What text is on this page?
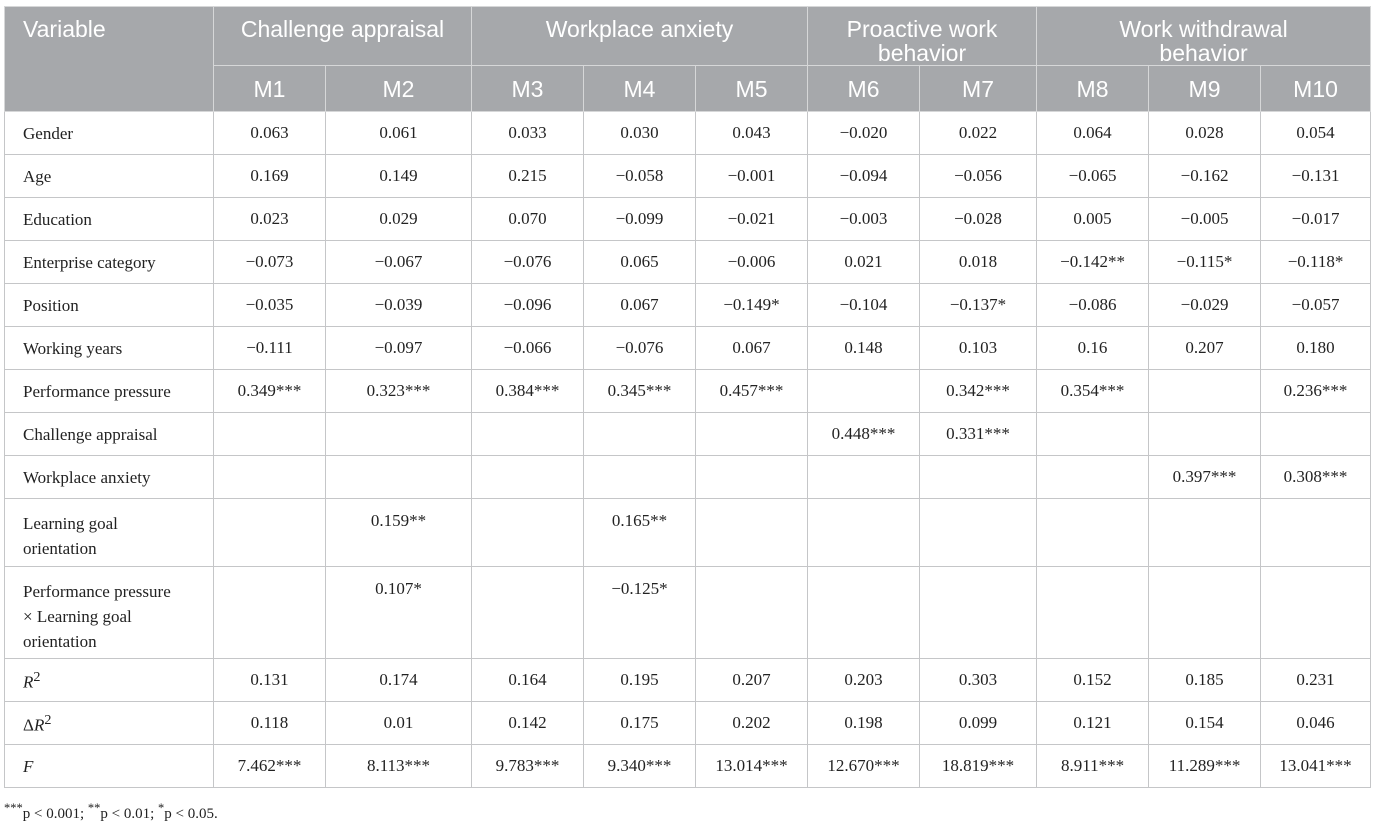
Variable	Challenge appraisal		Workplace anxiety			Proactive work
behavior		Work withdrawal
behavior		
	M1	M2	M3	M4	M5	M6	M7	M8	M9	M10
Gender	0.063	0.061	0.033	0.030	0.043	−0.020	0.022	0.064	0.028	0.054
Age	0.169	0.149	0.215	−0.058	−0.001	−0.094	−0.056	−0.065	−0.162	−0.131
Education	0.023	0.029	0.070	−0.099	−0.021	−0.003	−0.028	0.005	−0.005	−0.017
Enterprise category	−0.073	−0.067	−0.076	0.065	−0.006	0.021	0.018	−0.142**	−0.115*	−0.118*
Position	−0.035	−0.039	−0.096	0.067	−0.149*	−0.104	−0.137*	−0.086	−0.029	−0.057
Working years	−0.111	−0.097	−0.066	−0.076	0.067	0.148	0.103	0.16	0.207	0.180
Performance pressure	0.349***	0.323***	0.384***	0.345***	0.457***		0.342***	0.354***		0.236***
Challenge appraisal						0.448***	0.331***			
Workplace anxiety									0.397***	0.308***
Learning goal
orientation		0.159**		0.165**						
Performance pressure
× Learning goal
orientation		0.107*		−0.125*						
$R^2$	0.131	0.174	0.164	0.195	0.207	0.203	0.303	0.152	0.185	0.231
$\Delta R^2$	0.118	0.01	0.142	0.175	0.202	0.198	0.099	0.121	0.154	0.046
F	7.462***	8.113***	9.783***	9.340***	13.014***	12.670***	18.819***	8.911***	11.289***	13.041***
***p < 0.001; **p < 0.01; *p < 0.05.
